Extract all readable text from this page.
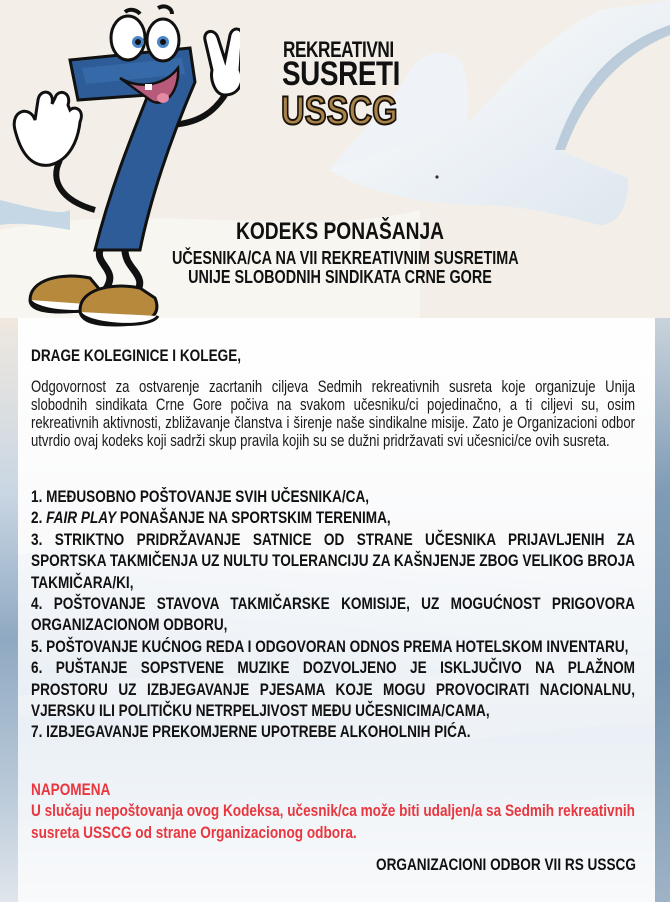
REKREATIVNI
SUSRETI
USSCG
KODEKS PONAŠANJA
UČESNIKA/CA NA VII REKREATIVNIM SUSRETIMA
UNIJE SLOBODNIH SINDIKATA CRNE GORE
DRAGE KOLEGINICE I KOLEGE,
Odgovornost za ostvarenje zacrtanih ciljeva Sedmih rekreativnih susreta koje organizuje Unija slobodnih sindikata Crne Gore počiva na svakom učesniku/ci pojedinačno, a ti ciljevi su, osim rekreativnih aktivnosti, zbližavanje članstva i širenje naše sindikalne misije. Zato je Organizacioni odbor utvrdio ovaj kodeks koji sadrži skup pravila kojih su se dužni pridržavati svi učesnici/ce ovih susreta.
1. MEĐUSOBNO POŠTOVANJE SVIH UČESNIKA/CA,
2. FAIR PLAY PONAŠANJE NA SPORTSKIM TERENIMA,
3. STRIKTNO PRIDRŽAVANJE SATNICE OD STRANE UČESNIKA PRIJAVLJENIH ZA SPORTSKA TAKMIČENJA UZ NULTU TOLERANCIJU ZA KAŠNJENJE ZBOG VELIKOG BROJA TAKMIČARA/KI,
4. POŠTOVANJE STAVOVA TAKMIČARSKE KOMISIJE, UZ MOGUĆNOST PRIGOVORA ORGANIZACIONOM ODBORU,
5. POŠTOVANJE KUĆNOG REDA I ODGOVORAN ODNOS PREMA HOTELSKOM INVENTARU,
6. PUŠTANJE SOPSTVENE MUZIKE DOZVOLJENO JE ISKLJUČIVO NA PLAŽNOM PROSTORU UZ IZBJEGAVANJE PJESAMA KOJE MOGU PROVOCIRATI NACIONALNU, VJERSKU ILI POLITIČKU NETRPELJIVOST MEĐU UČESNICIMA/CAMA,
7. IZBJEGAVANJE PREKOMJERNE UPOTREBE ALKOHOLNIH PIĆA.
NAPOMENA
U slučaju nepoštovanja ovog Kodeksa, učesnik/ca može biti udaljen/a sa Sedmih rekreativnih susreta USSCG od strane Organizacionog odbora.
ORGANIZACIONI ODBOR VII RS USSCG
